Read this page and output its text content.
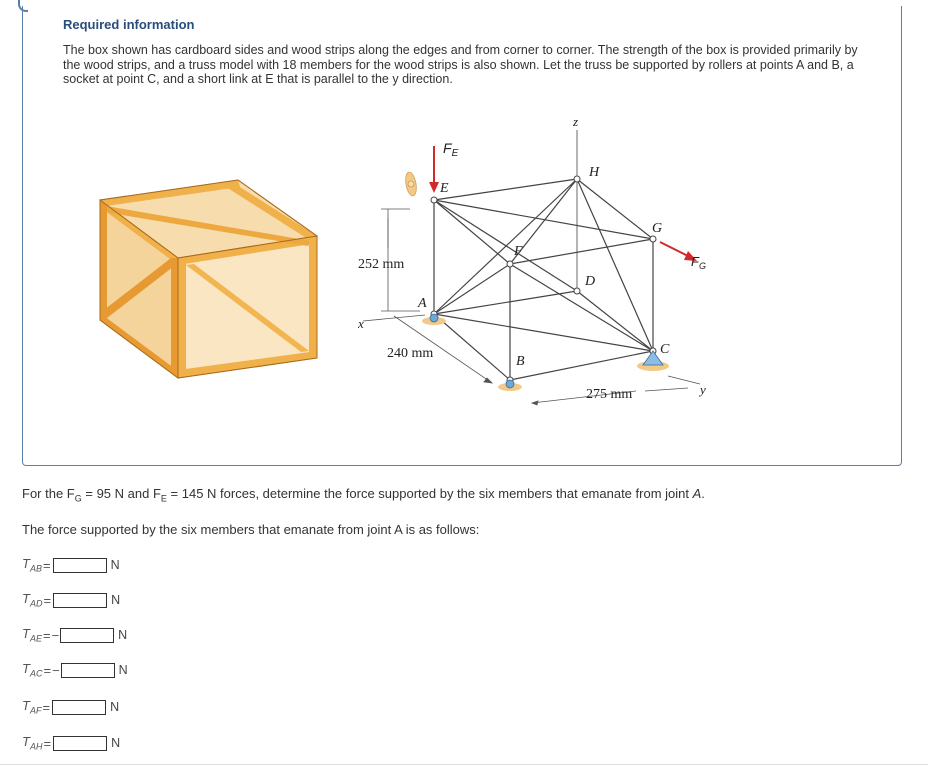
Required information

The box shown has cardboard sides and wood strips along the edges and from corner to corner. The strength of the box is provided primarily by the wood strips, and a truss model with 18 members for the wood strips is also shown. Let the truss be supported by rollers at points A and B, a socket at point C, and a short link at E that is parallel to the y direction.

$F_E$
$F_G$
E
H
G
F
D
A
B
C
z
x
y
252 mm
240 mm
275 mm

For the $F_G = 95$ N and $F_E = 145$ N forces, determine the force supported by the six members that emanate from joint A.

The force supported by the six members that emanate from joint A is as follows:

$T_{AB}$ =	N
$T_{AD}$ =	N
$T_{AE}$ = −	N
$T_{AC}$ = −	N
$T_{AF}$ =	N
$T_{AH}$ =	N
